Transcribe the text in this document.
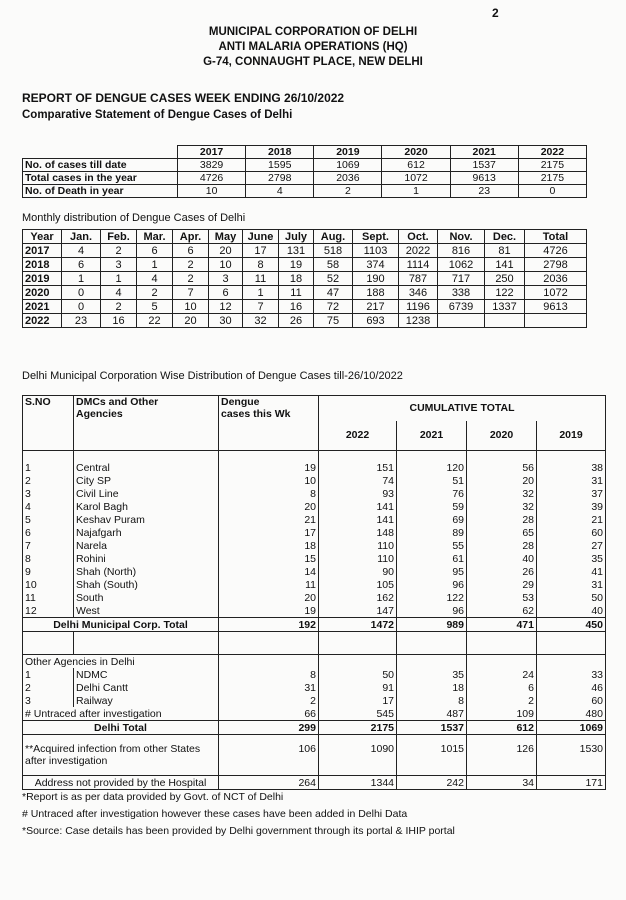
2
MUNICIPAL CORPORATION OF DELHI
ANTI MALARIA OPERATIONS (HQ)
G-74, CONNAUGHT PLACE, NEW DELHI
REPORT OF DENGUE CASES WEEK ENDING 26/10/2022
Comparative Statement of Dengue Cases of Delhi
	2017	2018	2019	2020	2021	2022
No. of cases till date	3829	1595	1069	612	1537	2175
Total cases in the year	4726	2798	2036	1072	9613	2175
No. of Death in year	10	4	2	1	23	0
Monthly distribution of Dengue Cases of Delhi
Year	Jan.	Feb.	Mar.	Apr.	May	June	July	Aug.	Sept.	Oct.	Nov.	Dec.	Total
2017	4	2	6	6	20	17	131	518	1103	2022	816	81	4726
2018	6	3	1	2	10	8	19	58	374	1114	1062	141	2798
2019	1	1	4	2	3	11	18	52	190	787	717	250	2036
2020	0	4	2	7	6	1	11	47	188	346	338	122	1072
2021	0	2	5	10	12	7	16	72	217	1196	6739	1337	9613
2022	23	16	22	20	30	32	26	75	693	1238			
Delhi Municipal Corporation Wise Distribution of Dengue Cases till-26/10/2022
S.NO	DMCs and Other
Agencies	Dengue
cases this Wk	CUMULATIVE TOTAL			
			2022	2021	2020	2019

1	Central	19	151	120	56	38
2	City SP	10	74	51	20	31
3	Civil Line	8	93	76	32	37
4	Karol Bagh	20	141	59	32	39
5	Keshav Puram	21	141	69	28	21
6	Najafgarh	17	148	89	65	60
7	Narela	18	110	55	28	27
8	Rohini	15	110	61	40	35
9	Shah (North)	14	90	95	26	41
10	Shah (South)	11	105	96	29	31
11	South	20	162	122	53	50
12	West	19	147	96	62	40
Delhi Municipal Corp. Total		192	1472	989	471	450

Other Agencies in Delhi						
1	NDMC	8	50	35	24	33
2	Delhi Cantt	31	91	18	6	46
3	Railway	2	17	8	2	60
# Untraced after investigation		66	545	487	109	480
Delhi Total		299	2175	1537	612	1069
**Acquired infection from other States
after investigation		106	1090	1015	126	1530
Address not provided by the Hospital		264	1344	242	34	171
*Report is as per data provided by Govt. of NCT of Delhi
# Untraced after investigation however these cases have been added in Delhi Data
*Source: Case details has been provided by Delhi government through its portal & IHIP portal
